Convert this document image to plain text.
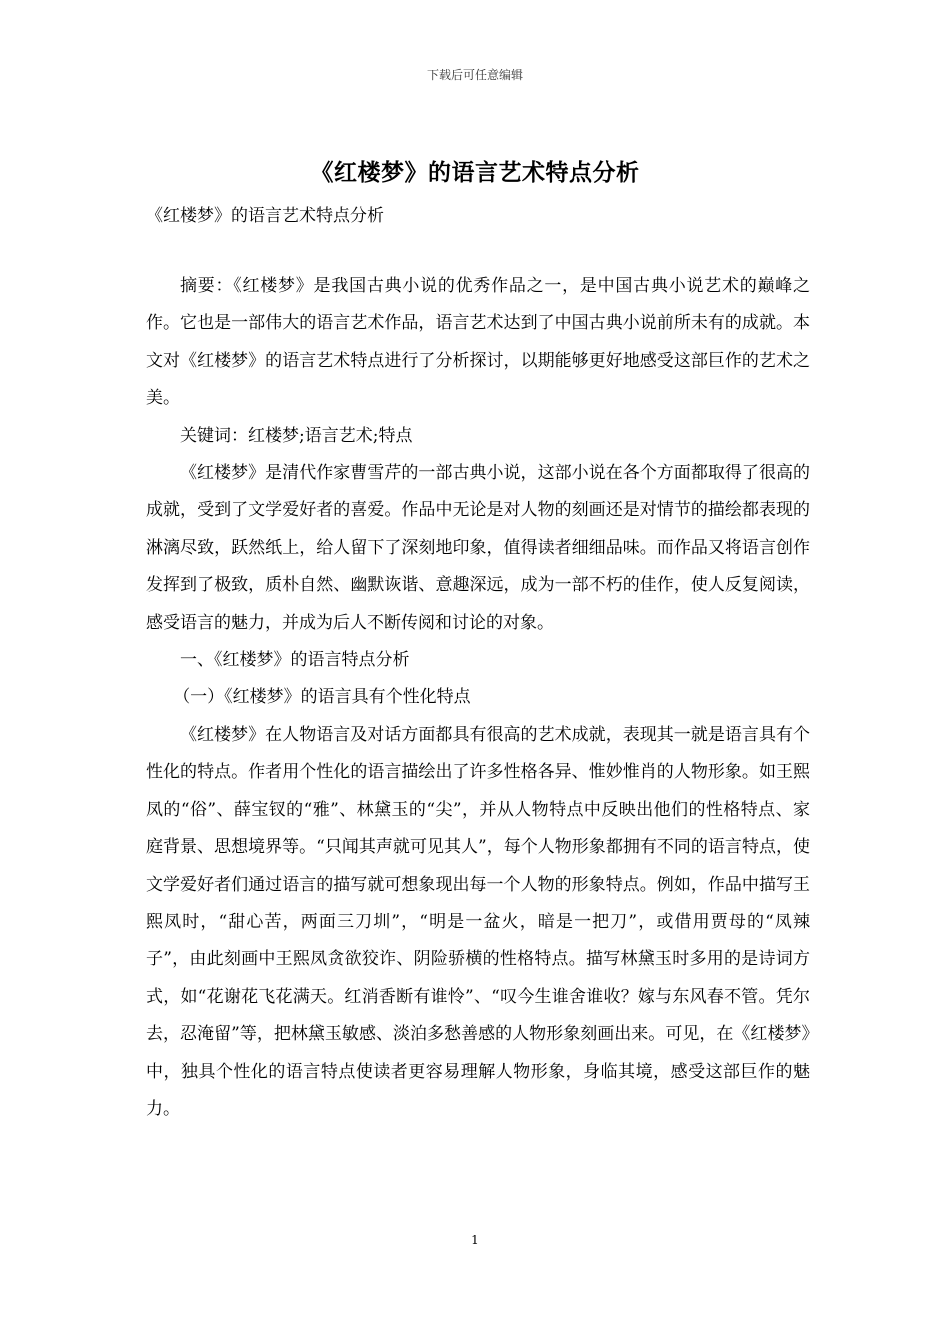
下载后可任意编辑
《红楼梦》的语言艺术特点分析
《红楼梦》的语言艺术特点分析

摘要：《红楼梦》是我国古典小说的优秀作品之一，是中国古典小说艺术的巅峰之作。它也是一部伟大的语言艺术作品，语言艺术达到了中国古典小说前所未有的成就。本文对《红楼梦》的语言艺术特点进行了分析探讨，以期能够更好地感受这部巨作的艺术之美。

关键词：红楼梦;语言艺术;特点

《红楼梦》是清代作家曹雪芹的一部古典小说，这部小说在各个方面都取得了很高的成就，受到了文学爱好者的喜爱。作品中无论是对人物的刻画还是对情节的描绘都表现的淋漓尽致，跃然纸上，给人留下了深刻地印象，值得读者细细品味。而作品又将语言创作发挥到了极致，质朴自然、幽默诙谐、意趣深远，成为一部不朽的佳作，使人反复阅读，感受语言的魅力，并成为后人不断传阅和讨论的对象。

一、《红楼梦》的语言特点分析

（一）《红楼梦》的语言具有个性化特点

《红楼梦》在人物语言及对话方面都具有很高的艺术成就，表现其一就是语言具有个性化的特点。作者用个性化的语言描绘出了许多性格各异、惟妙惟肖的人物形象。如王熙凤的“俗”、薛宝钗的“雅”、林黛玉的“尖”，并从人物特点中反映出他们的性格特点、家庭背景、思想境界等。“只闻其声就可见其人”，每个人物形象都拥有不同的语言特点，使文学爱好者们通过语言的描写就可想象现出每一个人物的形象特点。例如，作品中描写王熙凤时，“甜心苦，两面三刀圳”，“明是一盆火，暗是一把刀”，或借用贾母的“凤辣子”，由此刻画中王熙凤贪欲狡诈、阴险骄横的性格特点。描写林黛玉时多用的是诗词方式，如“花谢花飞花满天。红消香断有谁怜”、“叹今生谁舍谁收？嫁与东风春不管。凭尔去，忍淹留”等，把林黛玉敏感、淡泊多愁善感的人物形象刻画出来。可见，在《红楼梦》中，独具个性化的语言特点使读者更容易理解人物形象，身临其境，感受这部巨作的魅力。

1
